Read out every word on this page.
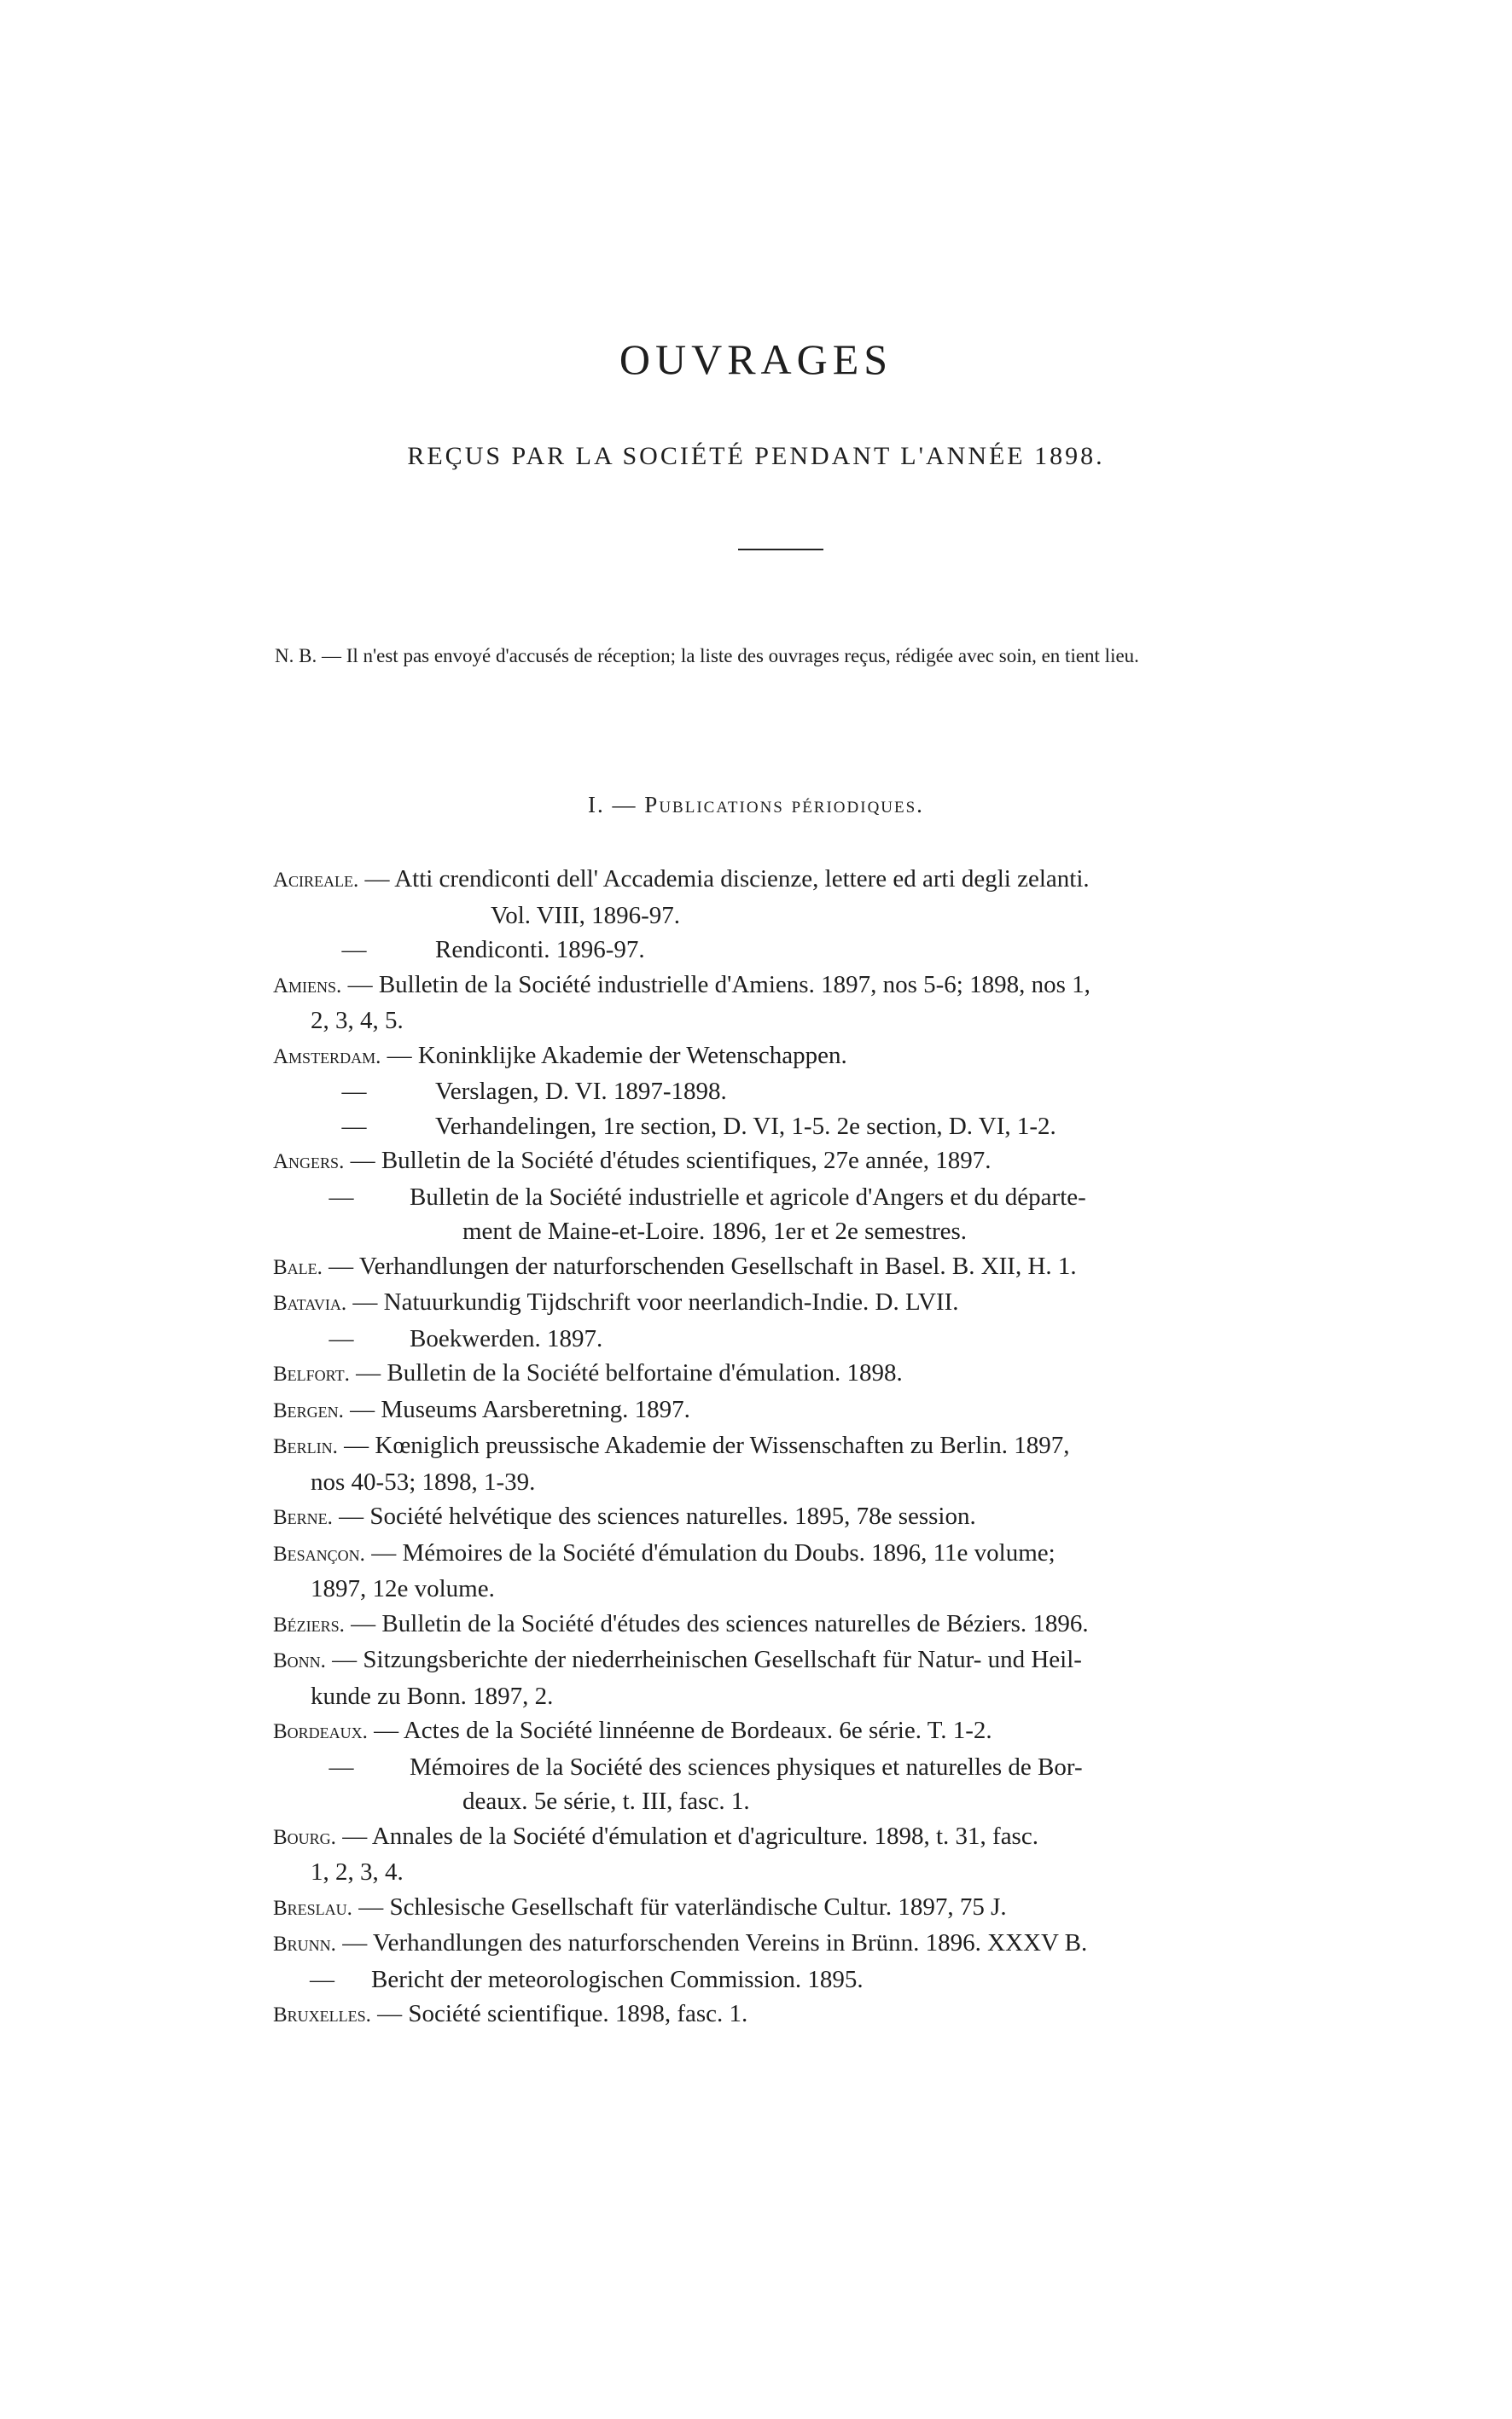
OUVRAGES
REÇUS PAR LA SOCIÉTÉ PENDANT L'ANNÉE 1898.
N. B. — Il n'est pas envoyé d'accusés de réception; la liste des ouvrages reçus, rédigée avec soin, en tient lieu.
I. — Publications périodiques.
Acireale. — Atti crendiconti dell' Accademia discienze, lettere ed arti degli zelanti.
Vol. VIII, 1896-97.
—	Rendiconti. 1896-97.
Amiens. — Bulletin de la Société industrielle d'Amiens. 1897, nos 5-6; 1898, nos 1,
2, 3, 4, 5.
Amsterdam. — Koninklijke Akademie der Wetenschappen.
—	Verslagen, D. VI. 1897-1898.
—	Verhandelingen, 1re section, D. VI, 1-5. 2e section, D. VI, 1-2.
Angers. — Bulletin de la Société d'études scientifiques, 27e année, 1897.
— Bulletin de la Société industrielle et agricole d'Angers et du départe-
ment de Maine-et-Loire. 1896, 1er et 2e semestres.
Bale. — Verhandlungen der naturforschenden Gesellschaft in Basel. B. XII, H. 1.
Batavia. — Natuurkundig Tijdschrift voor neerlandich-Indie. D. LVII.
— Boekwerden. 1897.
Belfort. — Bulletin de la Société belfortaine d'émulation. 1898.
Bergen. — Museums Aarsberetning. 1897.
Berlin. — Kœniglich preussische Akademie der Wissenschaften zu Berlin. 1897,
nos 40-53; 1898, 1-39.
Berne. — Société helvétique des sciences naturelles. 1895, 78e session.
Besançon. — Mémoires de la Société d'émulation du Doubs. 1896, 11e volume;
1897, 12e volume.
Béziers. — Bulletin de la Société d'études des sciences naturelles de Béziers. 1896.
Bonn. — Sitzungsberichte der niederrheinischen Gesellschaft für Natur- und Heil-
kunde zu Bonn. 1897, 2.
Bordeaux. — Actes de la Société linnéenne de Bordeaux. 6e série. T. 1-2.
— Mémoires de la Société des sciences physiques et naturelles de Bor-
deaux. 5e série, t. III, fasc. 1.
Bourg. — Annales de la Société d'émulation et d'agriculture. 1898, t. 31, fasc.
1, 2, 3, 4.
Breslau. — Schlesische Gesellschaft für vaterländische Cultur. 1897, 75 J.
Brunn. — Verhandlungen des naturforschenden Vereins in Brünn. 1896. XXXV B.
— Bericht der meteorologischen Commission. 1895.
Bruxelles. — Société scientifique. 1898, fasc. 1.
